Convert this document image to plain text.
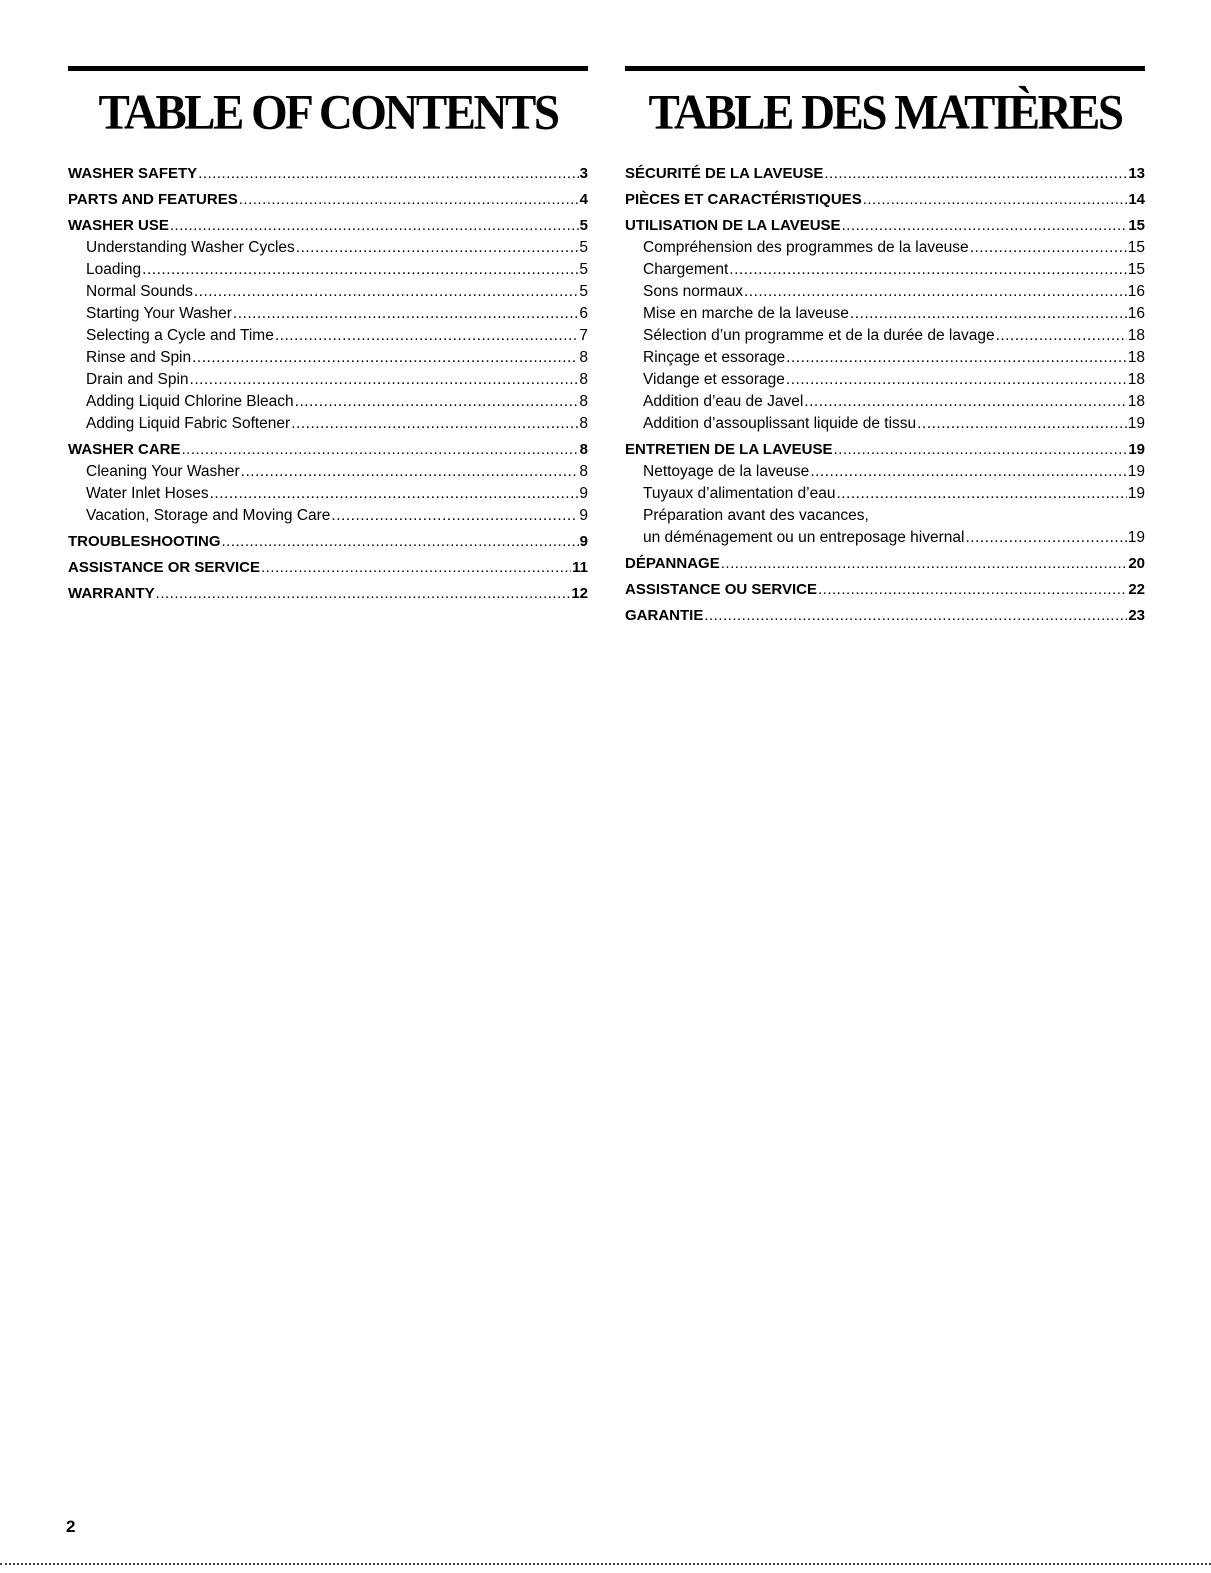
TABLE OF CONTENTS
WASHER SAFETY .....	3
PARTS AND FEATURES .....	4
WASHER USE .....	5
Understanding Washer Cycles .....	5
Loading .....	5
Normal Sounds .....	5
Starting Your Washer .....	6
Selecting a Cycle and Time .....	7
Rinse and Spin .....	8
Drain and Spin .....	8
Adding Liquid Chlorine Bleach .....	8
Adding Liquid Fabric Softener .....	8
WASHER CARE .....	8
Cleaning Your Washer .....	8
Water Inlet Hoses .....	9
Vacation, Storage and Moving Care .....	9
TROUBLESHOOTING .....	9
ASSISTANCE OR SERVICE .....	11
WARRANTY .....	12
TABLE DES MATIÈRES
SÉCURITÉ DE LA LAVEUSE .....	13
PIÈCES ET CARACTÉRISTIQUES .....	14
UTILISATION DE LA LAVEUSE .....	15
Compréhension des programmes de la laveuse .....	15
Chargement .....	15
Sons normaux .....	16
Mise en marche de la laveuse .....	16
Sélection d’un programme et de la durée de lavage .....	18
Rinçage et essorage .....	18
Vidange et essorage .....	18
Addition d’eau de Javel .....	18
Addition d’assouplissant liquide de tissu .....	19
ENTRETIEN DE LA LAVEUSE .....	19
Nettoyage de la laveuse .....	19
Tuyaux d’alimentation d’eau .....	19
Préparation avant des vacances,
un déménagement ou un entreposage hivernal .....	19
DÉPANNAGE .....	20
ASSISTANCE OU SERVICE .....	22
GARANTIE .....	23
2
